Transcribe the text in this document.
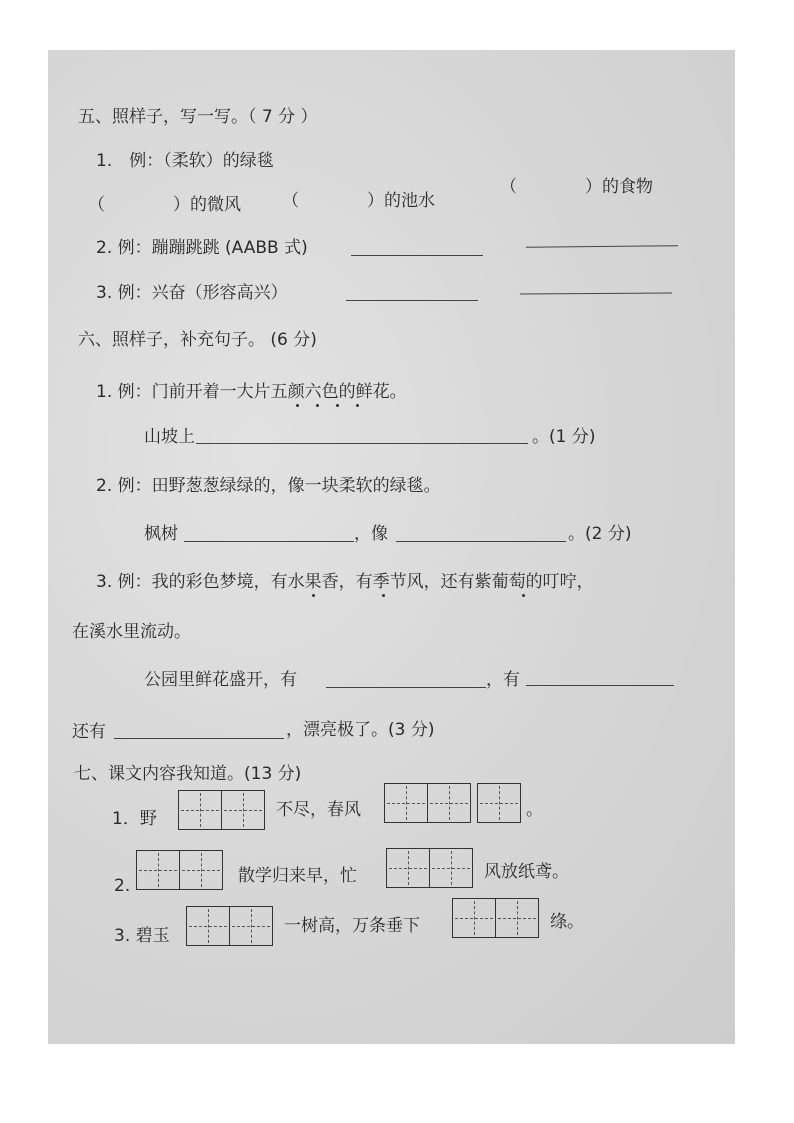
五、照样子，写一写。（ 7 分 ）
1.　例：（柔软）的绿毯
（　　　　）的微风 （　　　　）的池水
（　　　　）的食物
2. 例：蹦蹦跳跳 (AABB 式)
3. 例：兴奋（形容高兴）
六、照样子，补充句子。 (6 分)
1. 例：门前开着一大片五颜六色的鲜花。
山坡上	。(1 分)
2. 例：田野葱葱绿绿的，像一块柔软的绿毯。
枫树	，像	。(2 分)
3. 例：我的彩色梦境，有水果香，有季节风，还有紫葡萄的叮咛，
在溪水里流动。
公园里鲜花盛开，有	，有
还有	，漂亮极了。(3 分)
七、课文内容我知道。(13 分)
1．野	不尽，春风	。
2.	散学归来早，忙	风放纸鸢。
3. 碧玉	一树高，万条垂下	绦。
